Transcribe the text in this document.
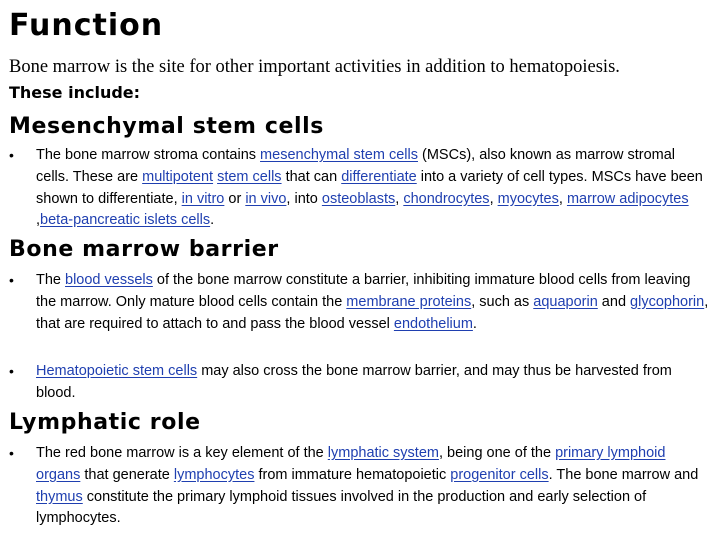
Function
Bone marrow is the site for other important activities in addition to hematopoiesis.
These include:
Mesenchymal stem cells
•	The bone marrow stroma contains mesenchymal stem cells (MSCs), also known as marrow stromal cells. These are multipotent stem cells that can differentiate into a variety of cell types. MSCs have been shown to differentiate, in vitro or in vivo, into osteoblasts, chondrocytes, myocytes, marrow adipocytes ,beta-pancreatic islets cells.
Bone marrow barrier
•	The blood vessels of the bone marrow constitute a barrier, inhibiting immature blood cells from leaving the marrow. Only mature blood cells contain the membrane proteins, such as aquaporin and glycophorin, that are required to attach to and pass the blood vessel endothelium.
•	Hematopoietic stem cells may also cross the bone marrow barrier, and may thus be harvested from blood.
Lymphatic role
•	The red bone marrow is a key element of the lymphatic system, being one of the primary lymphoid organs that generate lymphocytes from immature hematopoietic progenitor cells. The bone marrow and thymus constitute the primary lymphoid tissues involved in the production and early selection of lymphocytes.
